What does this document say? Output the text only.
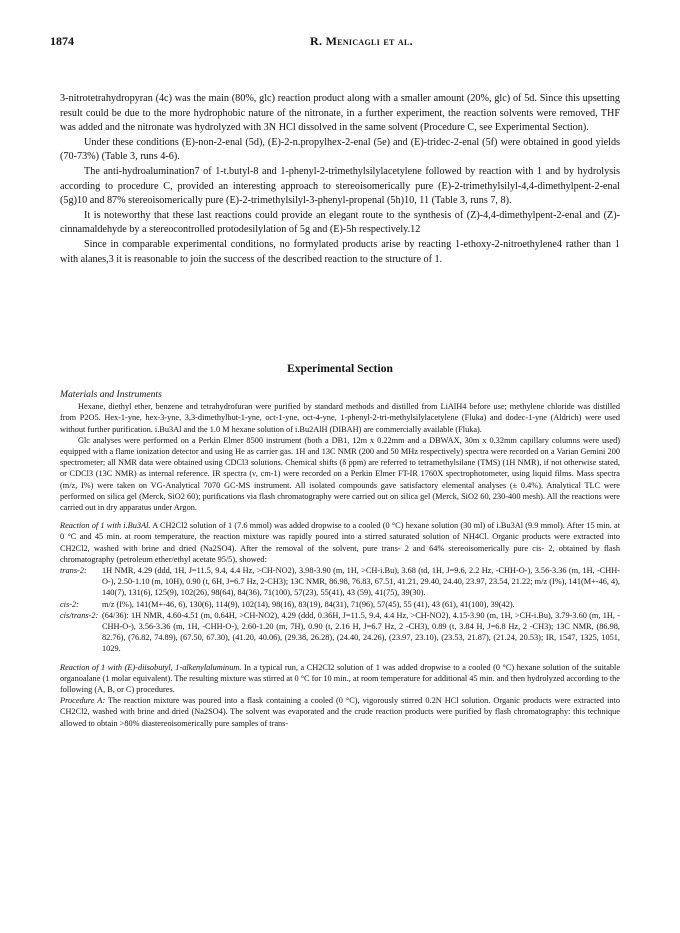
1874	R. Menicagli et al.

3-nitrotetrahydropyran (4c) was the main (80%, glc) reaction product along with a smaller amount (20%, glc) of 5d. Since this upsetting result could be due to the more hydrophobic nature of the nitronate, in a further experiment, the reaction solvents were removed, THF was added and the nitronate was hydrolyzed with 3N HCl dissolved in the same solvent (Procedure C, see Experimental Section).

Under these conditions (E)-non-2-enal (5d), (E)-2-n.propylhex-2-enal (5e) and (E)-tridec-2-enal (5f) were obtained in good yields (70-73%) (Table 3, runs 4-6).

The anti-hydroalumination7 of 1-t.butyl-8 and 1-phenyl-2-trimethylsilylacetylene followed by reaction with 1 and by hydrolysis according to procedure C, provided an interesting approach to stereoisomerically pure (E)-2-trimethylsilyl-4,4-dimethylpent-2-enal (5g)10 and 87% stereoisomerically pure (E)-2-trimethylsilyl-3-phenyl-propenal (5h)10, 11 (Table 3, runs 7, 8).

It is noteworthy that these last reactions could provide an elegant route to the synthesis of (Z)-4,4-dimethylpent-2-enal and (Z)-cinnamaldehyde by a stereocontrolled protodesilylation of 5g and (E)-5h respectively.12

Since in comparable experimental conditions, no formylated products arise by reacting 1-ethoxy-2-nitroethylene4 rather than 1 with alanes,3 it is reasonable to join the success of the described reaction to the structure of 1.

Experimental Section

Materials and Instruments

Hexane, diethyl ether, benzene and tetrahydrofuran were purified by standard methods and distilled from LiAlH4 before use; methylene chloride was distilled from P2O5. Hex-1-yne, hex-3-yne, 3,3-dimethylbut-1-yne, oct-1-yne, oct-4-yne, 1-phenyl-2-tri-methylsilylacetylene (Fluka) and dodec-1-yne (Aldrich) were used without further purification. i.Bu3Al and the 1.0 M hexane solution of i.Bu2AlH (DIBAH) are commercially available (Fluka).

Glc analyses were performed on a Perkin Elmer 8500 instrument (both a DB1, 12m x 0.22mm and a DBWAX, 30m x 0.32mm capillary columns were used) equipped with a flame ionization detector and using He as carrier gas. 1H and 13C NMR (200 and 50 MHz respectively) spectra were recorded on a Varian Gemini 200 spectrometer; all NMR data were obtained using CDCl3 solutions. Chemical shifts (δ ppm) are referred to tetramethylsilane (TMS) (1H NMR), if not otherwise stated, or CDCl3 (13C NMR) as internal reference. IR spectra (ν, cm-1) were recorded on a Perkin Elmer FT-IR 1760X spectrophotometer, using liquid films. Mass spectra (m/z, I%) were taken on VG-Analytical 7070 GC-MS instrument. All isolated compounds gave satisfactory elemental analyses (± 0.4%). Analytical TLC were performed on silica gel (Merck, SiO2 60); purifications via flash chromatography were carried out on silica gel (Merck, SiO2 60, 230-400 mesh). All the reactions were carried out in dry apparatus under Argon.

Reaction of 1 with i.Bu3Al. A CH2Cl2 solution of 1 (7.6 mmol) was added dropwise to a cooled (0 °C) hexane solution (30 ml) of i.Bu3Al (9.9 mmol). After 15 min. at 0 °C and 45 min. at room temperature, the reaction mixture was rapidly poured into a stirred saturated solution of NH4Cl. Organic products were extracted into CH2Cl2, washed with brine and dried (Na2SO4). After the removal of the solvent, pure trans- 2 and 64% stereoisomerically pure cis- 2, obtained by flash chromatography (petroleum ether/ethyl acetate 95/5), showed:

trans-2:	1H NMR, 4.29 (ddd, 1H, J=11.5, 9.4, 4.4 Hz, >CH-NO2), 3.98-3.90 (m, 1H, >CH-i.Bu), 3.68 (td, 1H, J=9.6, 2.2 Hz, -CHH-O-), 3.56-3.36 (m, 1H, -CHH-O-), 2.50-1.10 (m, 10H), 0.90 (t, 6H, J=6.7 Hz, 2-CH3); 13C NMR, 86.98, 76.83, 67.51, 41.21, 29.40, 24.40, 23.97, 23.54, 21.22; m/z (I%), 141(M+-46, 4), 140(7), 131(6), 125(9), 102(26), 98(64), 84(36), 71(100), 57(23), 55(41), 43 (59), 41(75), 39(30).
cis-2:	m/z (I%), 141(M+-46, 6), 130(6), 114(9), 102(14), 98(16), 83(19), 84(31), 71(96), 57(45), 55 (41), 43 (61), 41(100), 39(42).
cis/trans-2: (64/36): 1H NMR, 4.60-4.51 (m, 0.64H, >CH-NO2), 4.29 (ddd, 0.36H, J=11.5, 9.4, 4.4 Hz, >CH-NO2), 4.15-3.90 (m, 1H, >CH-i.Bu), 3.79-3.60 (m, 1H, -CHH-O-), 3.56-3.36 (m, 1H, -CHH-O-), 2.60-1.20 (m, 7H), 0.90 (t, 2.16 H, J=6.7 Hz, 2 -CH3), 0.89 (t, 3.84 H, J=6.8 Hz, 2 -CH3); 13C NMR, (86.98, 82.76), (76.82, 74.89), (67.50, 67.30), (41.20, 40.06), (29.38, 26.28), (24.40, 24.26), (23.97, 23.10), (23.53, 21.87), (21.24, 20.53); IR, 1547, 1325, 1051, 1029.

Reaction of 1 with (E)-diisobutyl, 1-alkenylaluminum. In a typical run, a CH2Cl2 solution of 1 was added dropwise to a cooled (0 °C) hexane solution of the suitable organoalane (1 molar equivalent). The resulting mixture was stirred at 0 °C for 10 min., at room temperature for additional 45 min. and then hydrolyzed according to the following (A, B, or C) procedures.

Procedure A: The reaction mixture was poured into a flask containing a cooled (0 °C), vigorously stirred 0.2N HCl solution. Organic products were extracted into CH2Cl2, washed with brine and dried (Na2SO4). The solvent was evaporated and the crude reaction products were purified by flash chromatography: this technique allowed to obtain >80% diastereoisomerically pure samples of trans-
